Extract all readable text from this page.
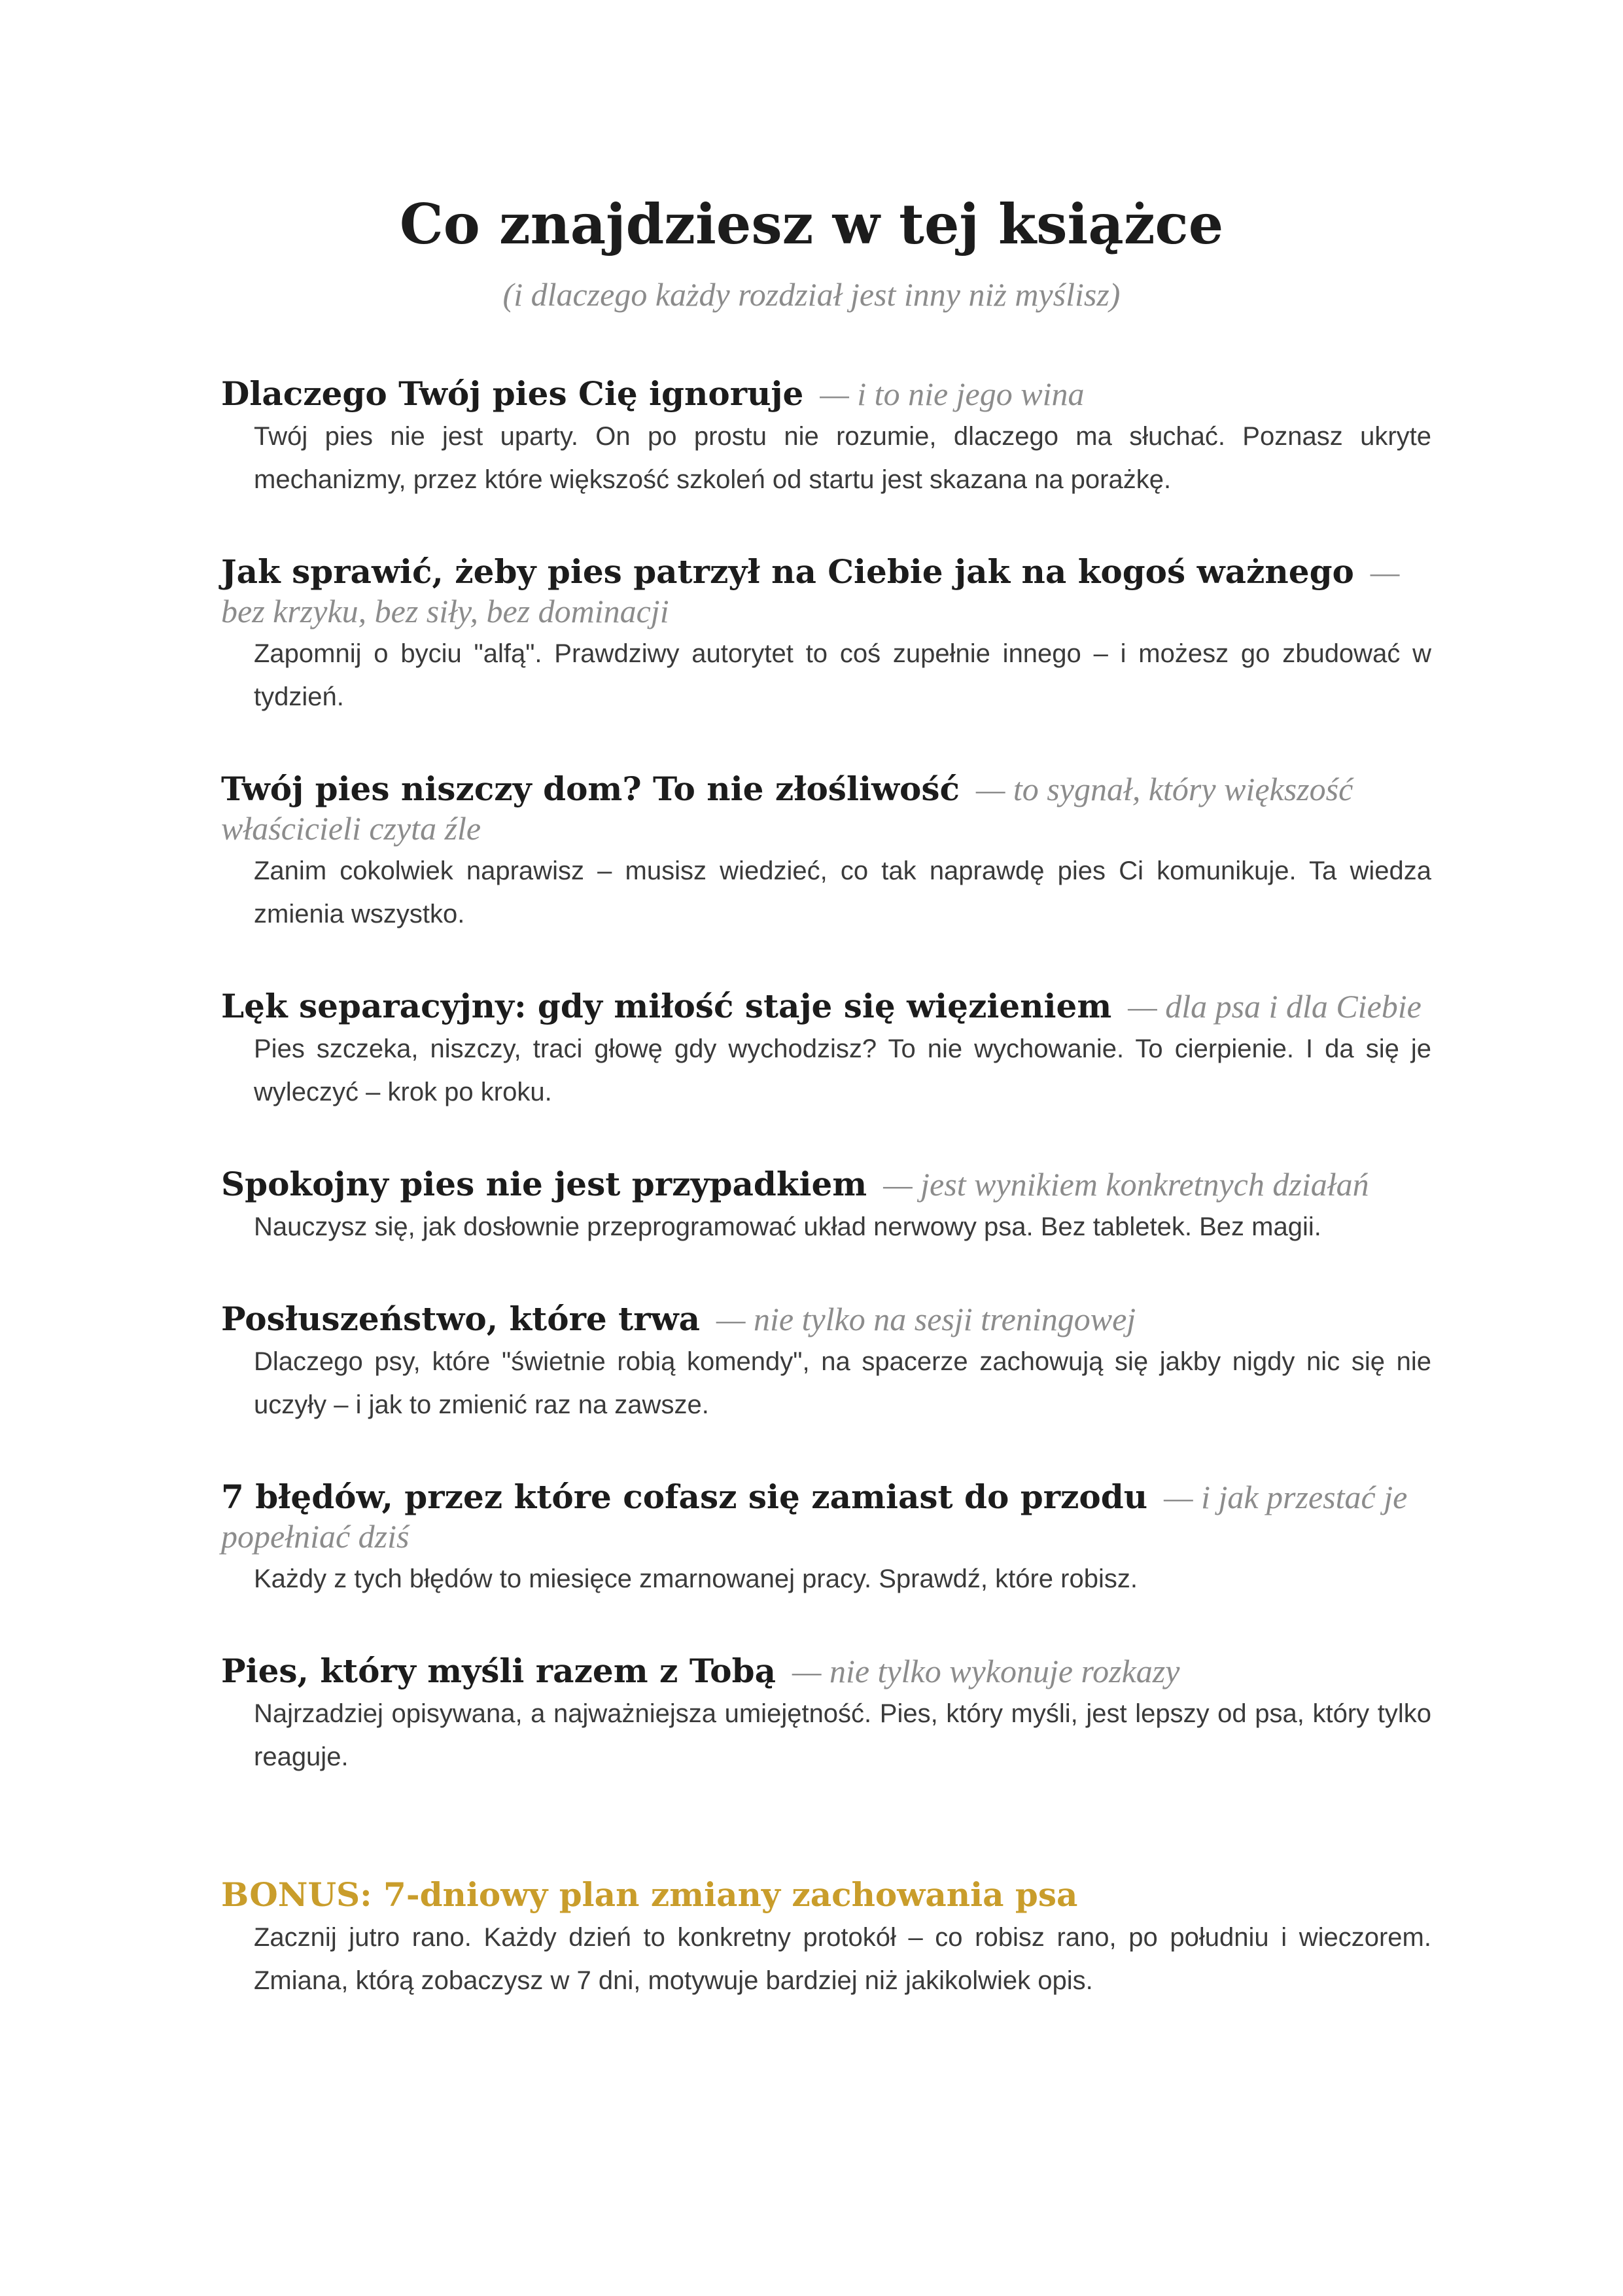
Co znajdziesz w tej książce

(i dlaczego każdy rozdział jest inny niż myślisz)

Dlaczego Twój pies Cię ignoruje — i to nie jego wina

Twój pies nie jest uparty. On po prostu nie rozumie, dlaczego ma słuchać. Poznasz ukryte mechanizmy, przez które większość szkoleń od startu jest skazana na porażkę.

Jak sprawić, żeby pies patrzył na Ciebie jak na kogoś ważnego — bez krzyku, bez siły, bez dominacji

Zapomnij o byciu "alfą". Prawdziwy autorytet to coś zupełnie innego – i możesz go zbudować w tydzień.

Twój pies niszczy dom? To nie złośliwość — to sygnał, który większość właścicieli czyta źle

Zanim cokolwiek naprawisz – musisz wiedzieć, co tak naprawdę pies Ci komunikuje. Ta wiedza zmienia wszystko.

Lęk separacyjny: gdy miłość staje się więzieniem — dla psa i dla Ciebie

Pies szczeka, niszczy, traci głowę gdy wychodzisz? To nie wychowanie. To cierpienie. I da się je wyleczyć – krok po kroku.

Spokojny pies nie jest przypadkiem — jest wynikiem konkretnych działań

Nauczysz się, jak dosłownie przeprogramować układ nerwowy psa. Bez tabletek. Bez magii.

Posłuszeństwo, które trwa — nie tylko na sesji treningowej

Dlaczego psy, które "świetnie robią komendy", na spacerze zachowują się jakby nigdy nic się nie uczyły – i jak to zmienić raz na zawsze.

7 błędów, przez które cofasz się zamiast do przodu — i jak przestać je popełniać dziś

Każdy z tych błędów to miesięce zmarnowanej pracy. Sprawdź, które robisz.

Pies, który myśli razem z Tobą — nie tylko wykonuje rozkazy

Najrzadziej opisywana, a najważniejsza umiejętność. Pies, który myśli, jest lepszy od psa, który tylko reaguje.

BONUS: 7-dniowy plan zmiany zachowania psa

Zacznij jutro rano. Każdy dzień to konkretny protokół – co robisz rano, po południu i wieczorem. Zmiana, którą zobaczysz w 7 dni, motywuje bardziej niż jakikolwiek opis.
